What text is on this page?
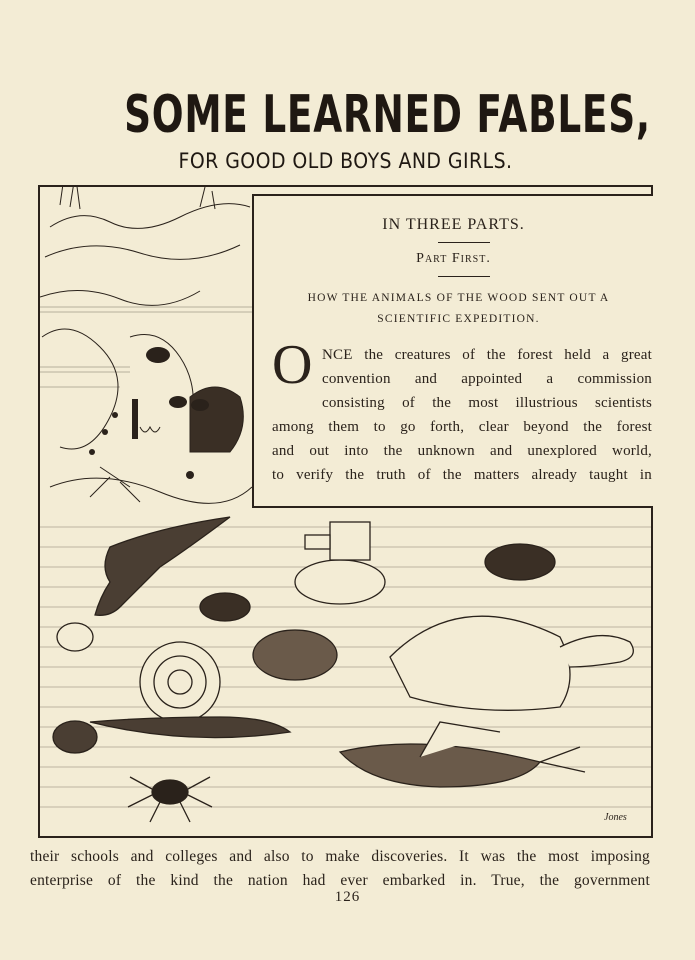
SOME LEARNED FABLES,
FOR GOOD OLD BOYS AND GIRLS.
IN THREE PARTS.
Part First.
HOW THE ANIMALS OF THE WOOD SENT OUT A SCIENTIFIC EXPEDITION.
O NCE the creatures of the forest held a great
convention and appointed a commission
consisting of the most illustrious scientists
among them to go forth, clear beyond the forest
and out into the unknown and unexplored world,
to verify the truth of the matters already taught in
Jones
their schools and colleges and also to make discoveries. It was the most imposing
enterprise of the kind the nation had ever embarked in. True, the government
126
